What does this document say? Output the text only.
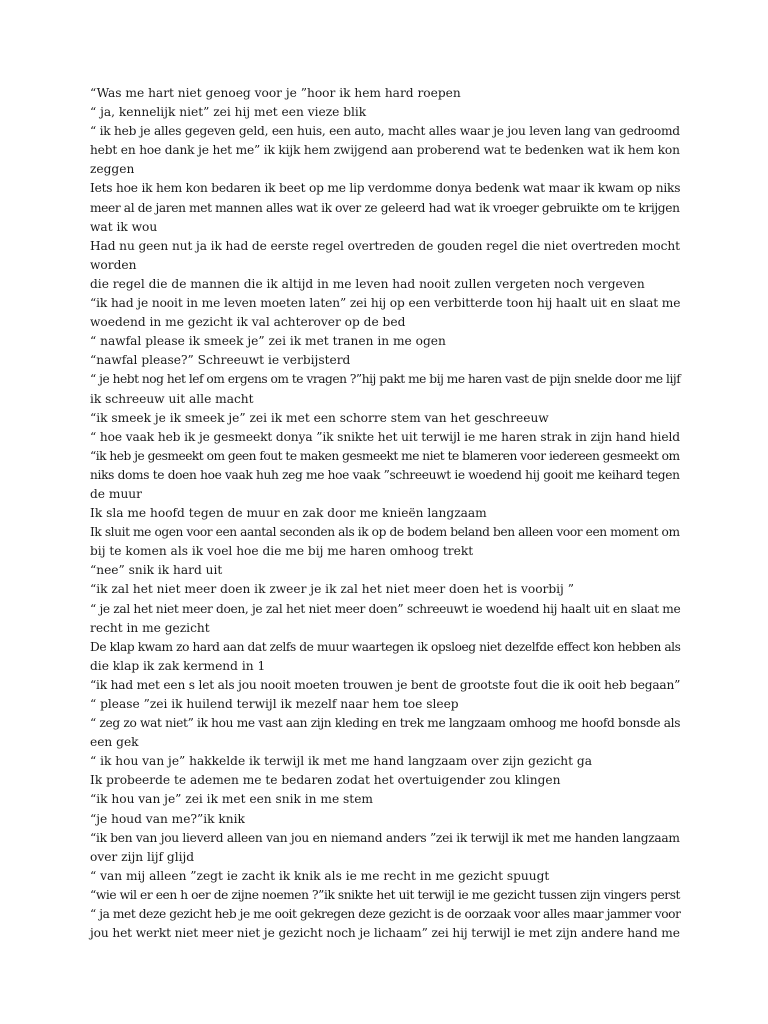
“Was me hart niet genoeg voor je ”hoor ik hem hard roepen
“ ja, kennelijk niet” zei hij met een vieze blik
“ ik heb je alles gegeven geld, een huis, een auto, macht alles waar je jou leven lang van gedroomd
hebt en hoe dank je het me” ik kijk hem zwijgend aan proberend wat te bedenken wat ik hem kon
zeggen
Iets hoe ik hem kon bedaren ik beet op me lip verdomme donya bedenk wat maar ik kwam op niks
meer al de jaren met mannen alles wat ik over ze geleerd had wat ik vroeger gebruikte om te krijgen
wat ik wou
Had nu geen nut ja ik had de eerste regel overtreden de gouden regel die niet overtreden mocht
worden
die regel die de mannen die ik altijd in me leven had nooit zullen vergeten noch vergeven
“ik had je nooit in me leven moeten laten” zei hij op een verbitterde toon hij haalt uit en slaat me
woedend in me gezicht ik val achterover op de bed
“ nawfal please ik smeek je” zei ik met tranen in me ogen
“nawfal please?” Schreeuwt ie verbijsterd
“ je hebt nog het lef om ergens om te vragen ?”hij pakt me bij me haren vast de pijn snelde door me lijf
ik schreeuw uit alle macht
“ik smeek je ik smeek je” zei ik met een schorre stem van het geschreeuw
“ hoe vaak heb ik je gesmeekt donya ”ik snikte het uit terwijl ie me haren strak in zijn hand hield
“ik heb je gesmeekt om geen fout te maken gesmeekt me niet te blameren voor iedereen gesmeekt om
niks doms te doen hoe vaak huh zeg me hoe vaak ”schreeuwt ie woedend hij gooit me keihard tegen
de muur
Ik sla me hoofd tegen de muur en zak door me knieën langzaam
Ik sluit me ogen voor een aantal seconden als ik op de bodem beland ben alleen voor een moment om
bij te komen als ik voel hoe die me bij me haren omhoog trekt
“nee” snik ik hard uit
“ik zal het niet meer doen ik zweer je ik zal het niet meer doen het is voorbij ”
“ je zal het niet meer doen, je zal het niet meer doen” schreeuwt ie woedend hij haalt uit en slaat me
recht in me gezicht
De klap kwam zo hard aan dat zelfs de muur waartegen ik opsloeg niet dezelfde effect kon hebben als
die klap ik zak kermend in 1
“ik had met een s let als jou nooit moeten trouwen je bent de grootste fout die ik ooit heb begaan”
“ please ”zei ik huilend terwijl ik mezelf naar hem toe sleep
“ zeg zo wat niet” ik hou me vast aan zijn kleding en trek me langzaam omhoog me hoofd bonsde als
een gek
“ ik hou van je” hakkelde ik terwijl ik met me hand langzaam over zijn gezicht ga
Ik probeerde te ademen me te bedaren zodat het overtuigender zou klingen
“ik hou van je” zei ik met een snik in me stem
“je houd van me?”ik knik
“ik ben van jou lieverd alleen van jou en niemand anders ”zei ik terwijl ik met me handen langzaam
over zijn lijf glijd
“ van mij alleen ”zegt ie zacht ik knik als ie me recht in me gezicht spuugt
“wie wil er een h oer de zijne noemen ?”ik snikte het uit terwijl ie me gezicht tussen zijn vingers perst
“ ja met deze gezicht heb je me ooit gekregen deze gezicht is de oorzaak voor alles maar jammer voor
jou het werkt niet meer niet je gezicht noch je lichaam” zei hij terwijl ie met zijn andere hand me
